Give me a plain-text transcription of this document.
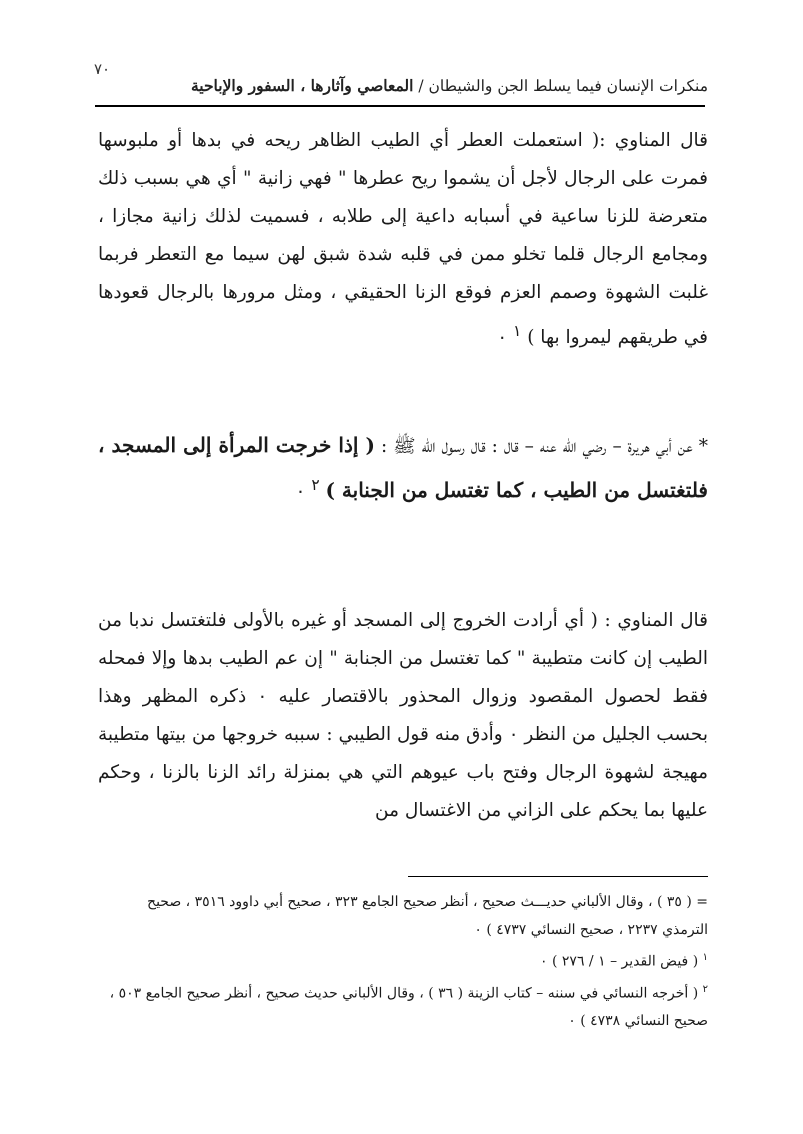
٧٠
منكرات الإنسان فيما يسلط الجن والشيطان / المعاصي وآثارها ، السفور والإباحية

قال المناوي :( استعملت العطر أي الطيب الظاهر ريحه في بدها أو ملبوسها فمرت على الرجال لأجل أن يشموا ريح عطرها " فهي زانية " أي هي بسبب ذلك متعرضة للزنا ساعية في أسبابه داعية إلى طلابه ، فسميت لذلك زانية مجازا ، ومجامع الرجال قلما تخلو ممن في قلبه شدة شبق لهن سيما مع التعطر فربما غلبت الشهوة وصمم العزم فوقع الزنا الحقيقي ، ومثل مرورها بالرجال قعودها في طريقهم ليمروا بها ) $^١$ ٠

* عن أبي هريرة – رضي الله عنه – قال : قال رسول الله ﷺ : ( إذا خرجت المرأة إلى المسجد ، فلتغتسل من الطيب ، كما تغتسل من الجنابة ) $^٢$ ٠

قال المناوي : ( أي أرادت الخروج إلى المسجد أو غيره بالأولى فلتغتسل ندبا من الطيب إن كانت متطيبة " كما تغتسل من الجنابة " إن عم الطيب بدها وإلا فمحله فقط لحصول المقصود وزوال المحذور بالاقتصار عليه ٠ ذكره المظهر وهذا بحسب الجليل من النظر ٠ وأدق منه قول الطيبي : سببه خروجها من بيتها متطيبة مهيجة لشهوة الرجال وفتح باب عيوهم التي هي بمنزلة رائد الزنا بالزنا ، وحكم عليها بما يحكم على الزاني من الاغتسال من

= ( ٣٥ ) ، وقال الألباني حديـــث صحيح ، أنظر صحيح الجامع ٣٢٣ ، صحيح أبي داوود ٣٥١٦ ، صحيح الترمذي ٢٢٣٧ ، صحيح النسائي ٤٧٣٧ ) ٠

$^١$ ( فيض القدير – ١ / ٢٧٦ ) ٠

$^٢$ ( أخرجه النسائي في سننه – كتاب الزينة ( ٣٦ ) ، وقال الألباني حديث صحيح ، أنظر صحيح الجامع ٥٠٣ ، صحيح النسائي ٤٧٣٨ ) ٠
